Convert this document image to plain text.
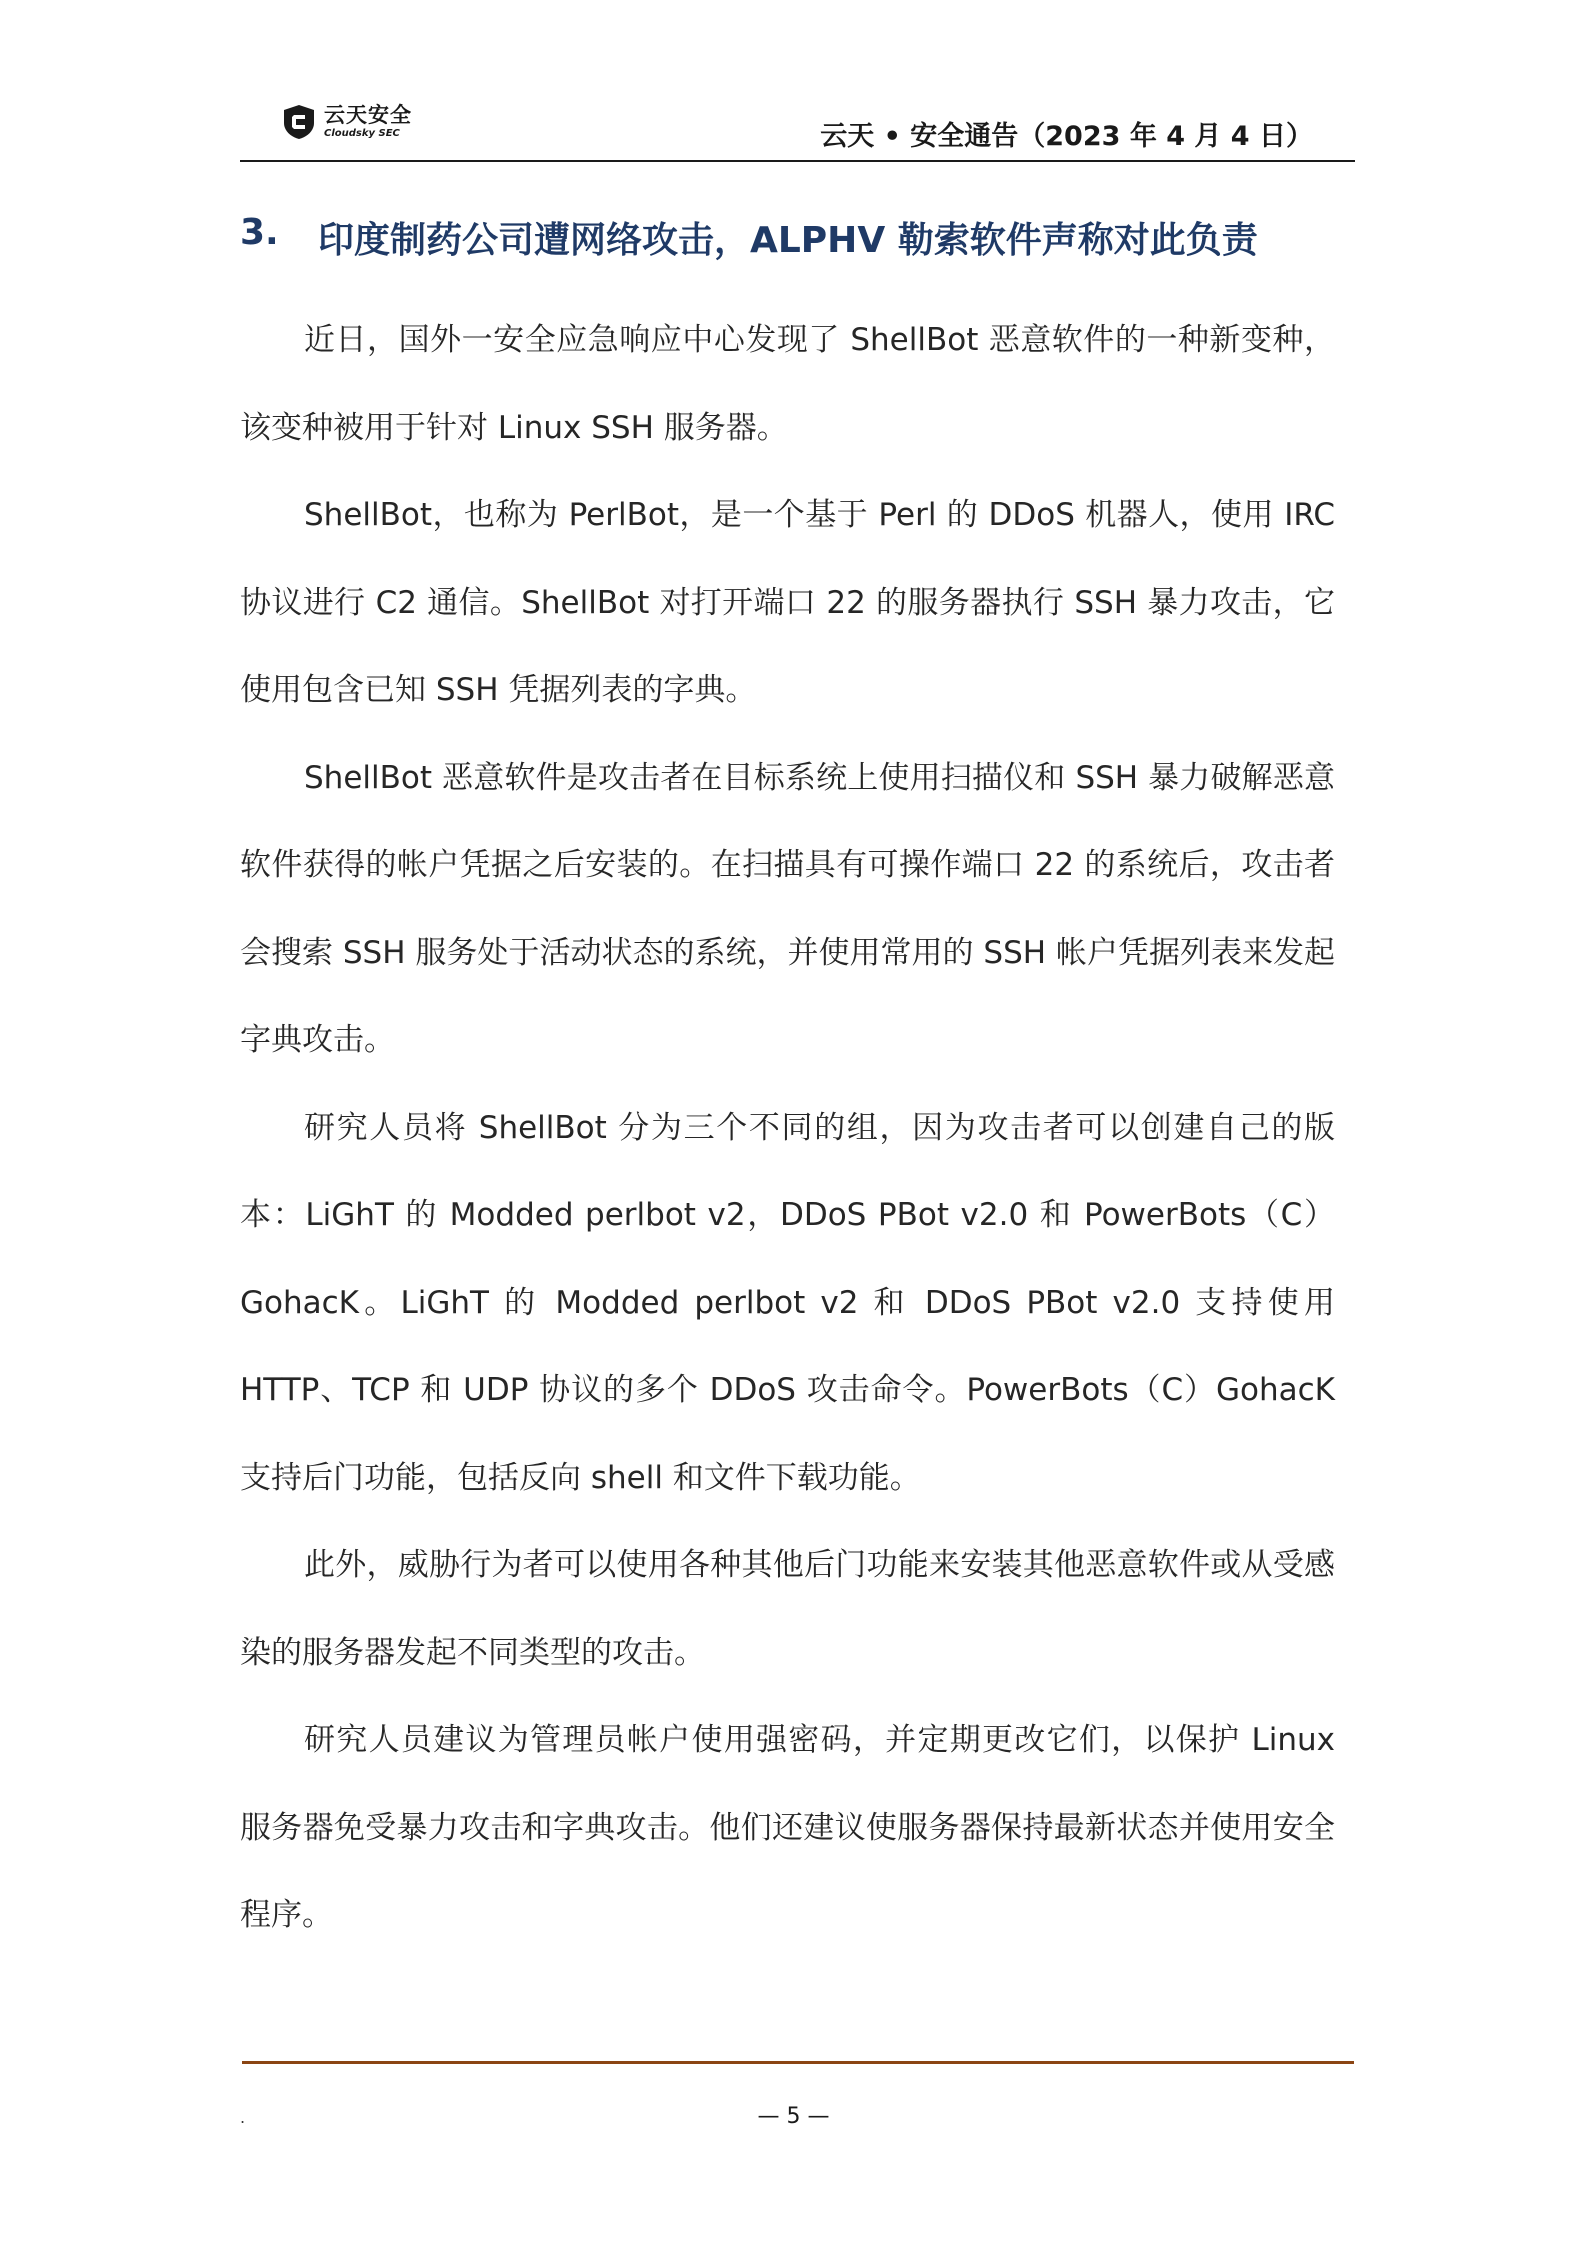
云天安全
Cloudsky SEC	云天 • 安全通告（2023 年 4 月 4 日）
3.	印度制药公司遭网络攻击，ALPHV 勒索软件声称对此负责

近日，国外一安全应急响应中心发现了 ShellBot 恶意软件的一种新变种，该变种被用于针对 Linux SSH 服务器。

ShellBot，也称为 PerlBot，是一个基于 Perl 的 DDoS 机器人，使用 IRC 协议进行 C2 通信。ShellBot 对打开端口 22 的服务器执行 SSH 暴力攻击，它使用包含已知 SSH 凭据列表的字典。

ShellBot 恶意软件是攻击者在目标系统上使用扫描仪和 SSH 暴力破解恶意软件获得的帐户凭据之后安装的。在扫描具有可操作端口 22 的系统后，攻击者会搜索 SSH 服务处于活动状态的系统，并使用常用的 SSH 帐户凭据列表来发起字典攻击。

研究人员将 ShellBot 分为三个不同的组，因为攻击者可以创建自己的版本：LiGhT 的 Modded perlbot v2，DDoS PBot v2.0 和 PowerBots（C）GohacK。LiGhT 的 Modded perlbot v2 和 DDoS PBot v2.0 支持使用 HTTP、TCP 和 UDP 协议的多个 DDoS 攻击命令。PowerBots（C）GohacK 支持后门功能，包括反向 shell 和文件下载功能。

此外，威胁行为者可以使用各种其他后门功能来安装其他恶意软件或从受感染的服务器发起不同类型的攻击。

研究人员建议为管理员帐户使用强密码，并定期更改它们，以保护 Linux 服务器免受暴力攻击和字典攻击。他们还建议使服务器保持最新状态并使用安全程序。

.	— 5 —
